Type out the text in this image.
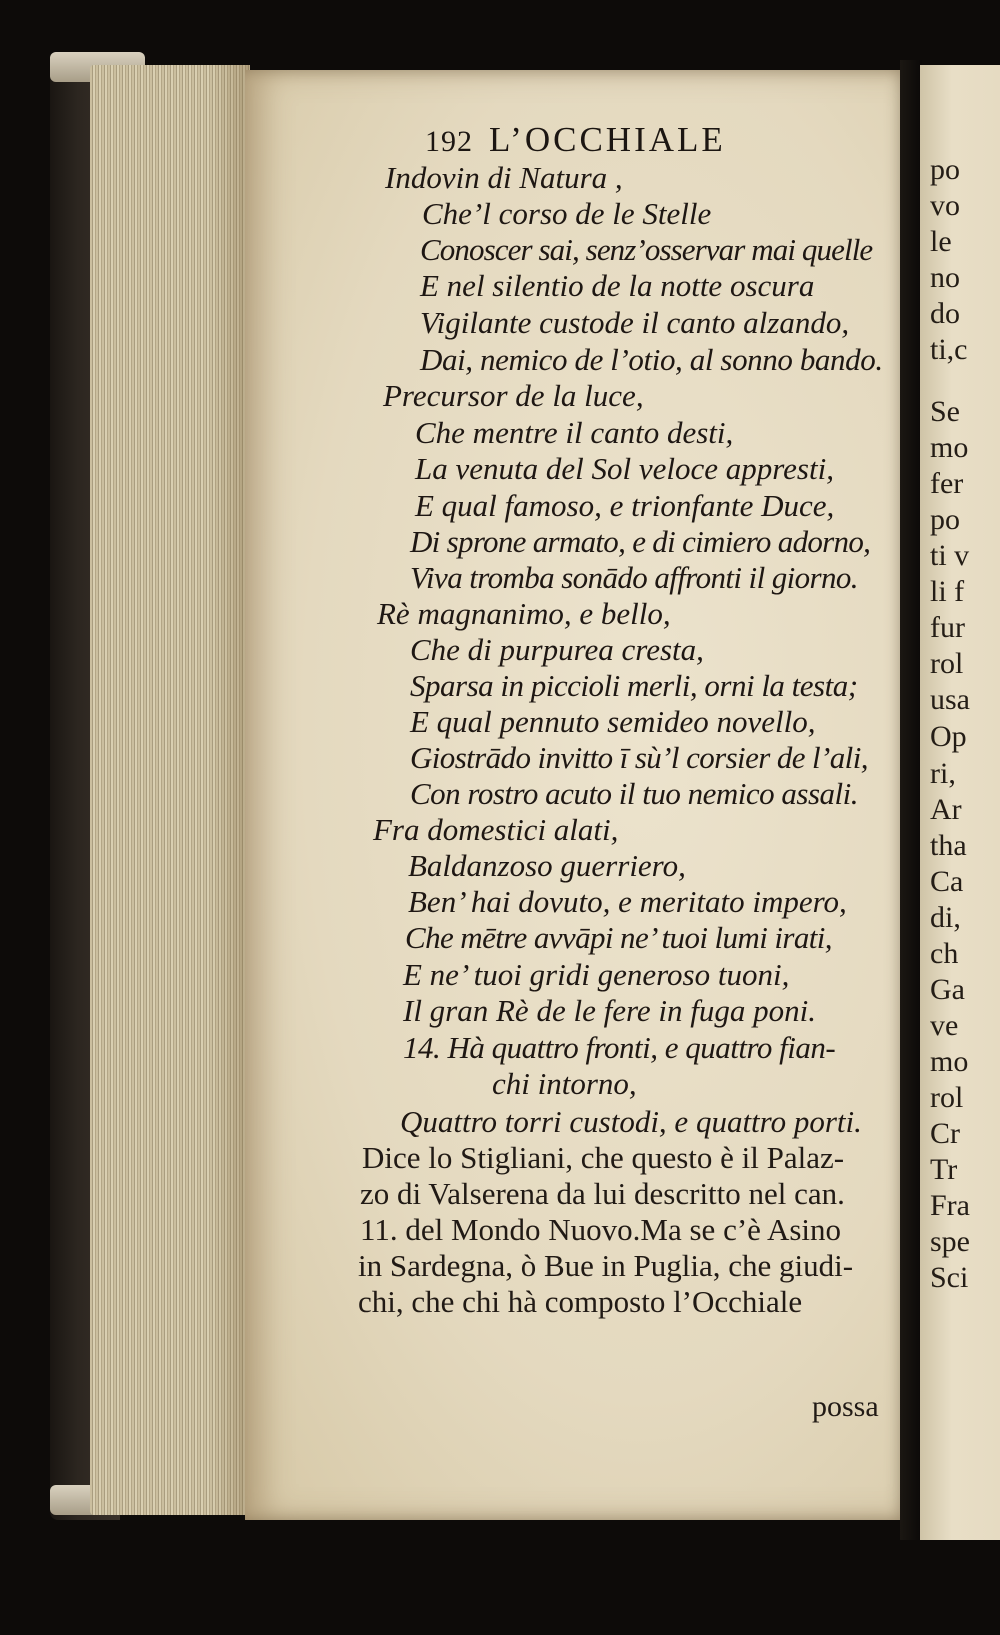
192 L’OCCHIALE
Indovin di Natura ,
Che’l corso de le Stelle
Conoscer sai, senz’osservar mai quelle
E nel silentio de la notte oscura
Vigilante custode il canto alzando,
Dai, nemico de l’otio, al sonno bando.
Precursor de la luce,
Che mentre il canto desti,
La venuta del Sol veloce appresti,
E qual famoso, e trionfante Duce,
Di sprone armato, e di cimiero adorno,
Viva tromba sonādo affronti il giorno.
Rè magnanimo, e bello,
Che di purpurea cresta,
Sparsa in piccioli merli, orni la testa;
E qual pennuto semideo novello,
Giostrādo invitto ī sù’l corsier de l’ali,
Con rostro acuto il tuo nemico assali.
Fra domestici alati,
Baldanzoso guerriero,
Ben’ hai dovuto, e meritato impero,
Che mētre avvāpi ne’ tuoi lumi irati,
E ne’ tuoi gridi generoso tuoni,
Il gran Rè de le fere in fuga poni.
14. Hà quattro fronti, e quattro fian-
chi intorno,
Quattro torri custodi, e quattro porti.
Dice lo Stigliani, che questo è il Palaz-
zo di Valserena da lui descritto nel can.
11. del Mondo Nuovo.Ma se c’è Asino
in Sardegna, ò Bue in Puglia, che giudi-
chi, che chi hà composto l’Occhiale
possa
po
vo
le
no
do
ti,c
Se
mo
fer
po
ti v
li f
fur
rol
usa
Op
ri,
Ar
tha
Ca
di,
ch
Ga
ve
mo
rol
Cr
Tr
Fra
spe
Sci
